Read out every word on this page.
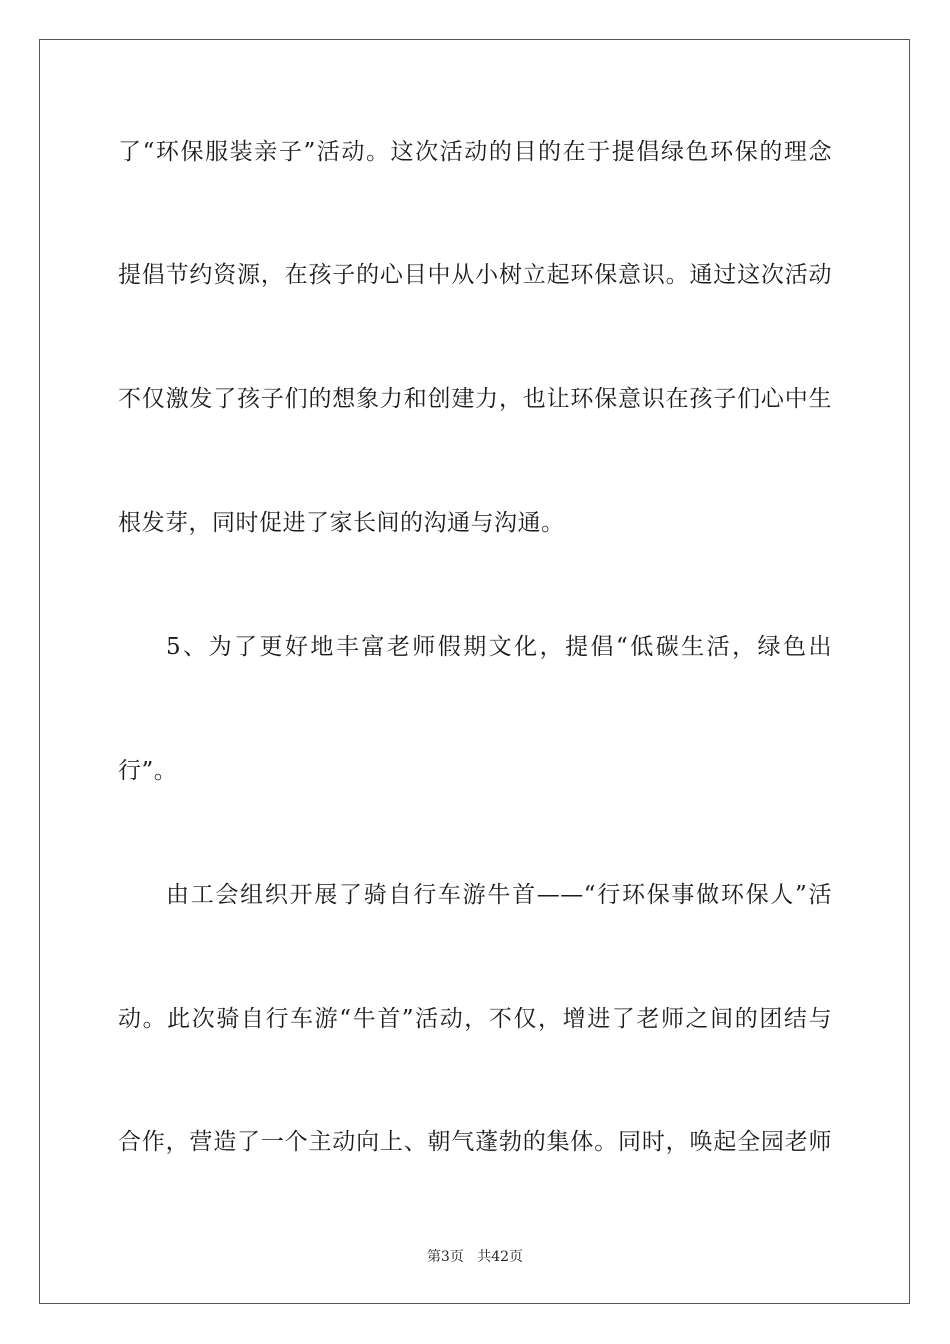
了“环保服装亲子”活动。这次活动的目的在于提倡绿色环保的理念
提倡节约资源，在孩子的心目中从小树立起环保意识。通过这次活动
不仅激发了孩子们的想象力和创建力，也让环保意识在孩子们心中生
根发芽，同时促进了家长间的沟通与沟通。
5、为了更好地丰富老师假期文化，提倡“低碳生活，绿色出
行”。
由工会组织开展了骑自行车游牛首——“行环保事做环保人”活
动。此次骑自行车游“牛首”活动，不仅，增进了老师之间的团结与
合作，营造了一个主动向上、朝气蓬勃的集体。同时，唤起全园老师
第3页 共42页
